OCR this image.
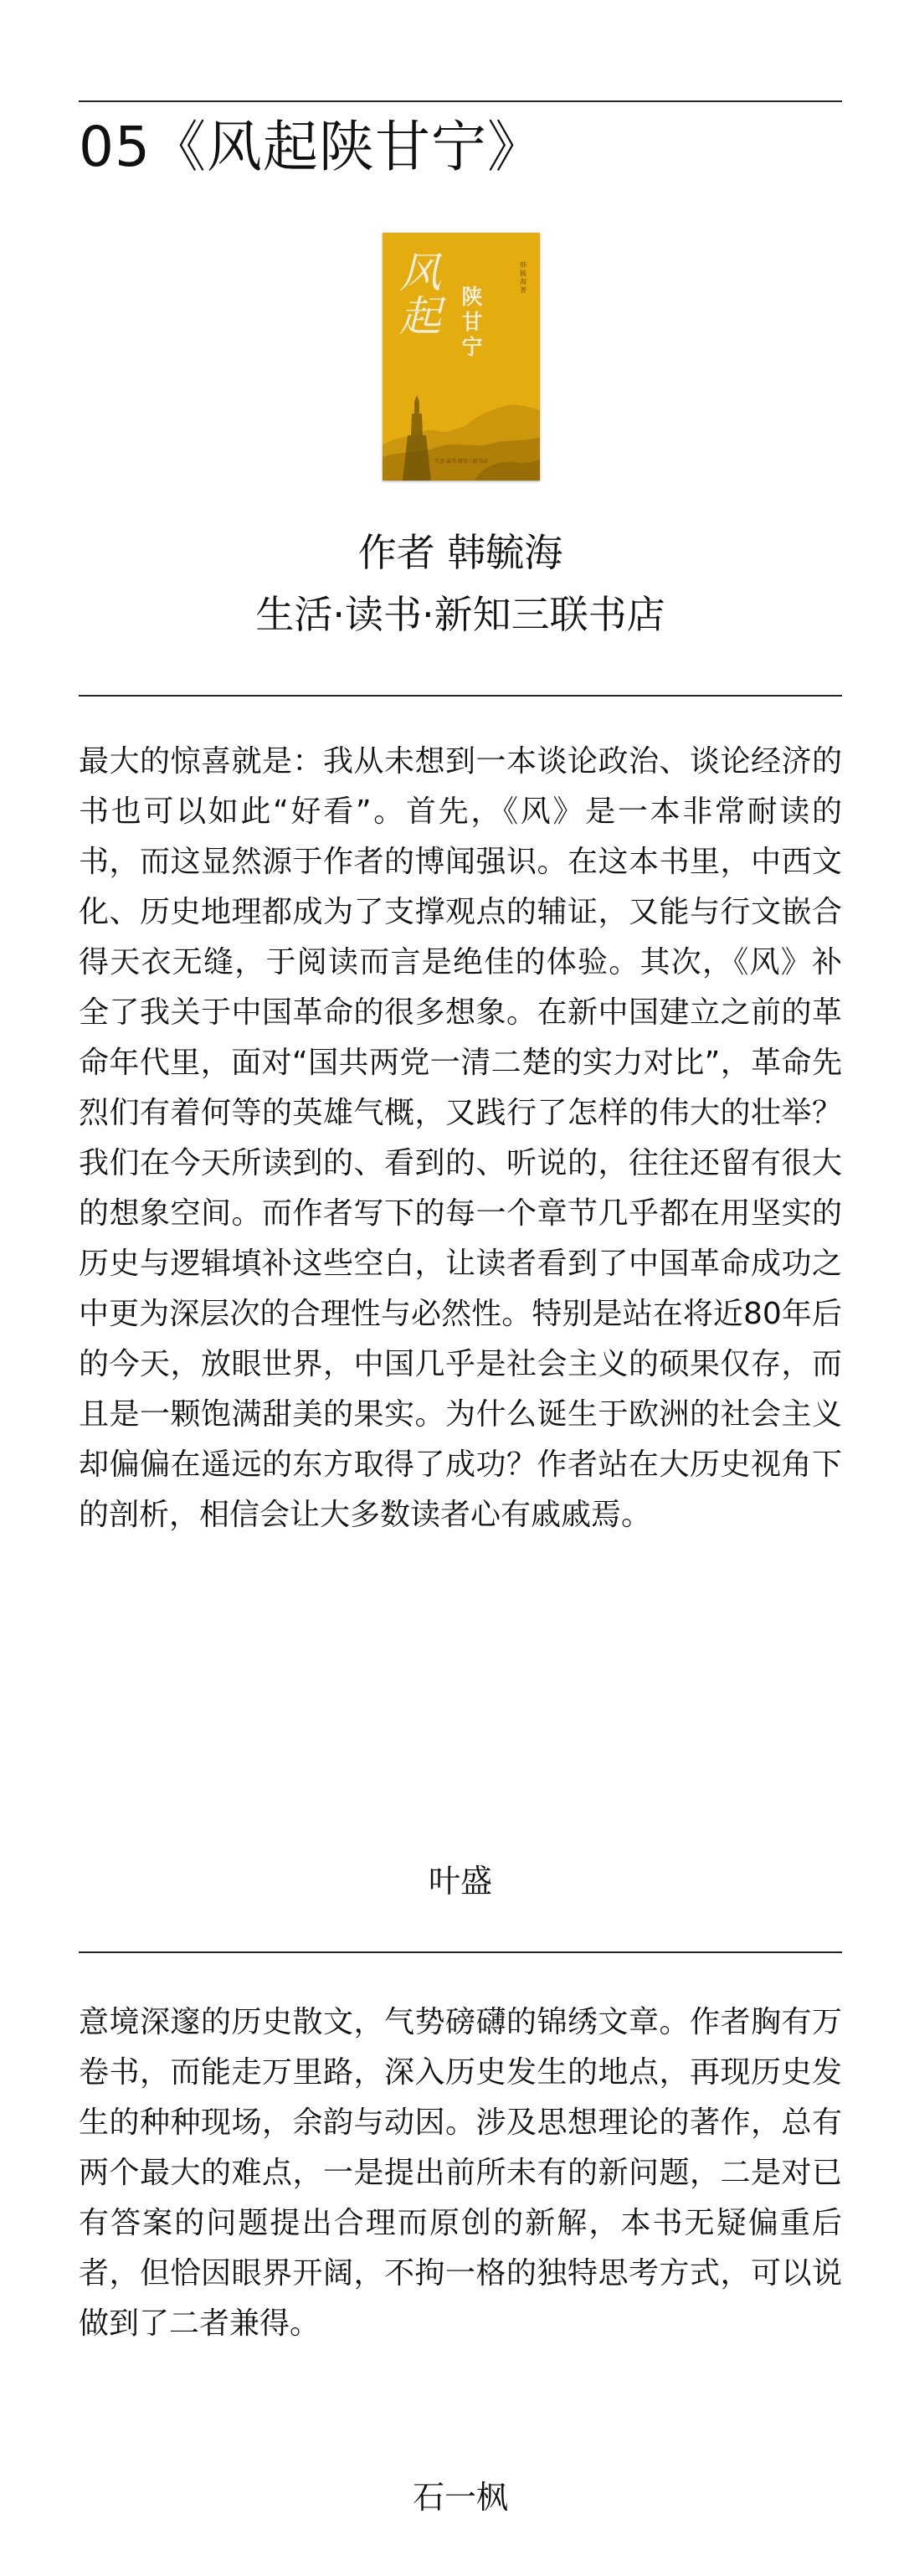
05《风起陕甘宁》
风起 陕甘宁
韩毓海 著
生活·读书·新知三联书店
作者 韩毓海
生活·读书·新知三联书店

最大的惊喜就是：我从未想到一本谈论政治、谈论经济的书也可以如此“好看”。首先，《风》是一本非常耐读的书，而这显然源于作者的博闻强识。在这本书里，中西文化、历史地理都成为了支撑观点的辅证，又能与行文嵌合得天衣无缝，于阅读而言是绝佳的体验。其次，《风》补全了我关于中国革命的很多想象。在新中国建立之前的革命年代里，面对“国共两党一清二楚的实力对比”，革命先烈们有着何等的英雄气概，又践行了怎样的伟大的壮举？我们在今天所读到的、看到的、听说的，往往还留有很大的想象空间。而作者写下的每一个章节几乎都在用坚实的历史与逻辑填补这些空白，让读者看到了中国革命成功之中更为深层次的合理性与必然性。特别是站在将近80年后的今天，放眼世界，中国几乎是社会主义的硕果仅存，而且是一颗饱满甜美的果实。为什么诞生于欧洲的社会主义却偏偏在遥远的东方取得了成功？作者站在大历史视角下的剖析，相信会让大多数读者心有戚戚焉。

叶盛

意境深邃的历史散文，气势磅礴的锦绣文章。作者胸有万卷书，而能走万里路，深入历史发生的地点，再现历史发生的种种现场，余韵与动因。涉及思想理论的著作，总有两个最大的难点，一是提出前所未有的新问题，二是对已有答案的问题提出合理而原创的新解，本书无疑偏重后者，但恰因眼界开阔，不拘一格的独特思考方式，可以说做到了二者兼得。

石一枫
